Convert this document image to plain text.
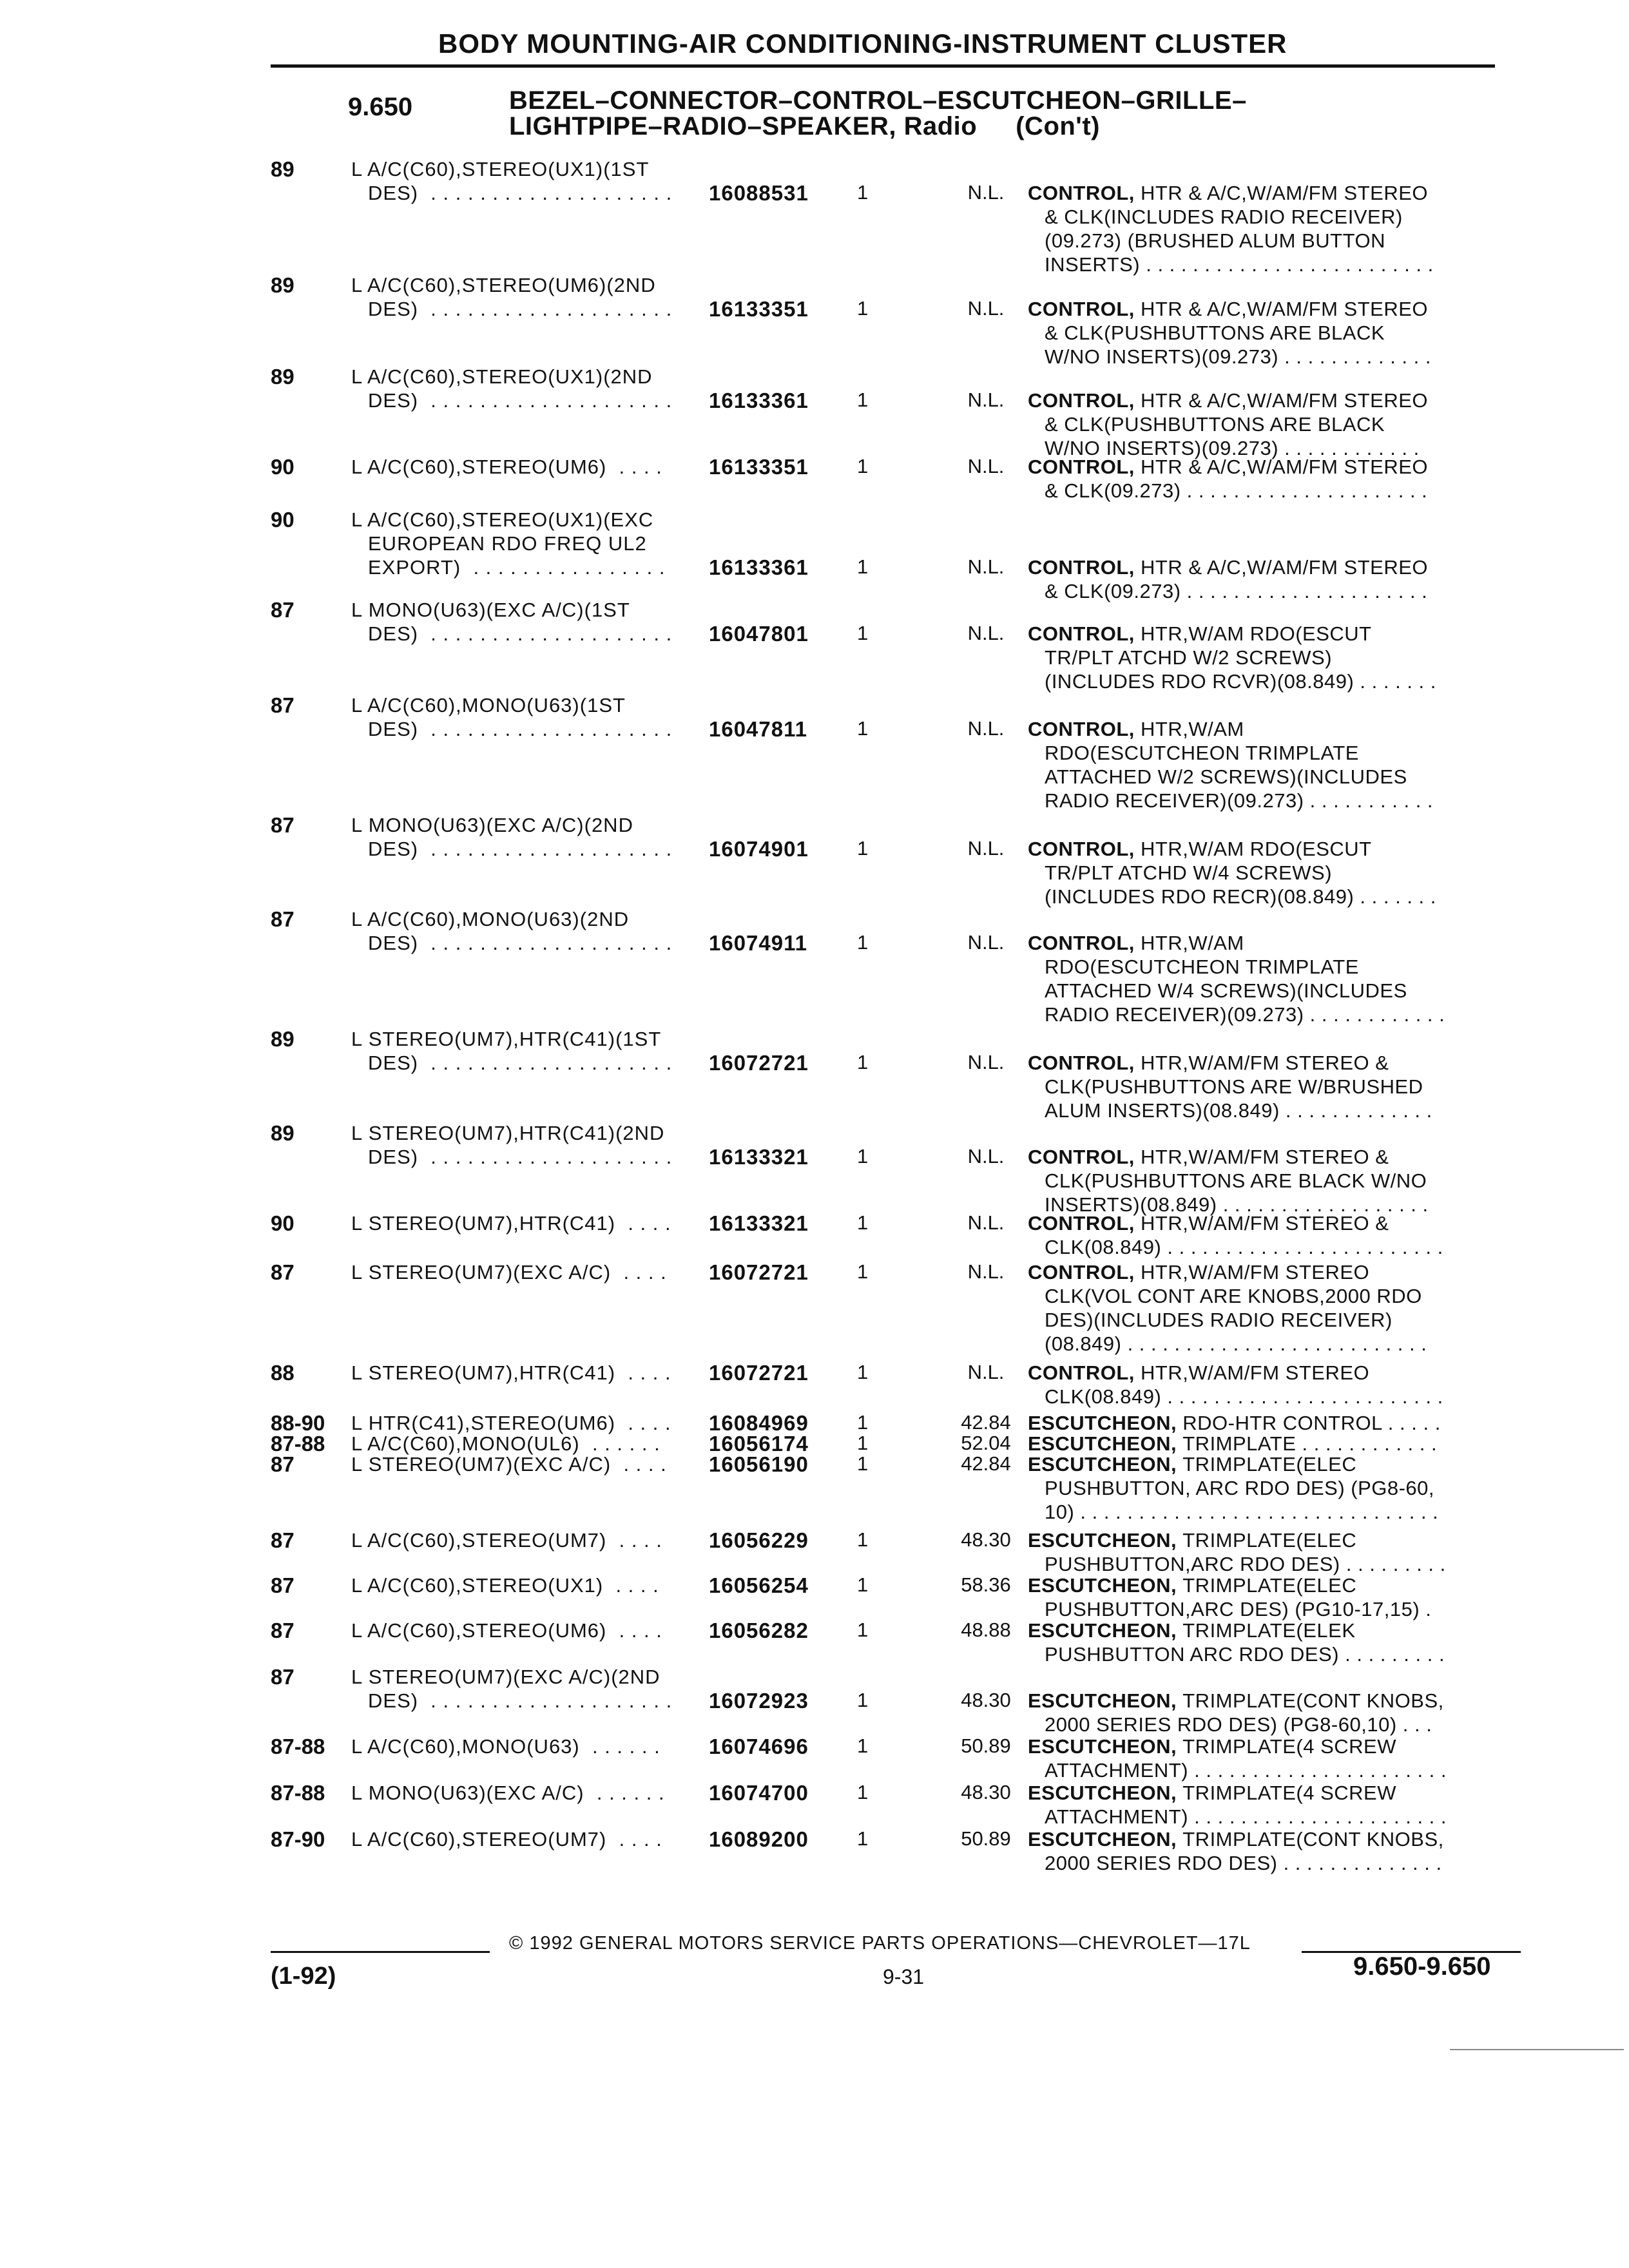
BODY MOUNTING-AIR CONDITIONING-INSTRUMENT CLUSTER
9.650	BEZEL–CONNECTOR–CONTROL–ESCUTCHEON–GRILLE–
LIGHTPIPE–RADIO–SPEAKER, Radio (Con't)
89	L A/C(C60),STEREO(UX1)(1ST
DES)  . . . . . . . . . . . . . . . . . . . .	16088531 1	N.L.	CONTROL, HTR & A/C,W/AM/FM STEREO
& CLK(INCLUDES RADIO RECEIVER)
(09.273) (BRUSHED ALUM BUTTON
INSERTS) . . . . . . . . . . . . . . . . . . . . . . . . .
89	L A/C(C60),STEREO(UM6)(2ND
DES)  . . . . . . . . . . . . . . . . . . . .	16133351 1	N.L.	CONTROL, HTR & A/C,W/AM/FM STEREO
& CLK(PUSHBUTTONS ARE BLACK
W/NO INSERTS)(09.273) . . . . . . . . . . . . .
89	L A/C(C60),STEREO(UX1)(2ND
DES)  . . . . . . . . . . . . . . . . . . . .	16133361 1	N.L.	CONTROL, HTR & A/C,W/AM/FM STEREO
& CLK(PUSHBUTTONS ARE BLACK
W/NO INSERTS)(09.273) . . . . . . . . . . . .
90	L A/C(C60),STEREO(UM6)  . . . .	16133351 1	N.L.	CONTROL, HTR & A/C,W/AM/FM STEREO
& CLK(09.273) . . . . . . . . . . . . . . . . . . . . .
90	L A/C(C60),STEREO(UX1)(EXC
EUROPEAN RDO FREQ UL2
EXPORT)  . . . . . . . . . . . . . . . .	16133361 1	N.L.	CONTROL, HTR & A/C,W/AM/FM STEREO
& CLK(09.273) . . . . . . . . . . . . . . . . . . . . .
87	L MONO(U63)(EXC A/C)(1ST
DES)  . . . . . . . . . . . . . . . . . . . .	16047801 1	N.L.	CONTROL, HTR,W/AM RDO(ESCUT
TR/PLT ATCHD W/2 SCREWS)
(INCLUDES RDO RCVR)(08.849) . . . . . . .
87	L A/C(C60),MONO(U63)(1ST
DES)  . . . . . . . . . . . . . . . . . . . .	16047811 1	N.L.	CONTROL, HTR,W/AM
RDO(ESCUTCHEON TRIMPLATE
ATTACHED W/2 SCREWS)(INCLUDES
RADIO RECEIVER)(09.273) . . . . . . . . . . .
87	L MONO(U63)(EXC A/C)(2ND
DES)  . . . . . . . . . . . . . . . . . . . .	16074901 1	N.L.	CONTROL, HTR,W/AM RDO(ESCUT
TR/PLT ATCHD W/4 SCREWS)
(INCLUDES RDO RECR)(08.849) . . . . . . .
87	L A/C(C60),MONO(U63)(2ND
DES)  . . . . . . . . . . . . . . . . . . . .	16074911 1	N.L.	CONTROL, HTR,W/AM
RDO(ESCUTCHEON TRIMPLATE
ATTACHED W/4 SCREWS)(INCLUDES
RADIO RECEIVER)(09.273) . . . . . . . . . . . .
89	L STEREO(UM7),HTR(C41)(1ST
DES)  . . . . . . . . . . . . . . . . . . . .	16072721 1	N.L.	CONTROL, HTR,W/AM/FM STEREO &
CLK(PUSHBUTTONS ARE W/BRUSHED
ALUM INSERTS)(08.849) . . . . . . . . . . . . .
89	L STEREO(UM7),HTR(C41)(2ND
DES)  . . . . . . . . . . . . . . . . . . . .	16133321 1	N.L.	CONTROL, HTR,W/AM/FM STEREO &
CLK(PUSHBUTTONS ARE BLACK W/NO
INSERTS)(08.849) . . . . . . . . . . . . . . . . . .
90	L STEREO(UM7),HTR(C41)  . . . .	16133321 1	N.L.	CONTROL, HTR,W/AM/FM STEREO &
CLK(08.849) . . . . . . . . . . . . . . . . . . . . . . . .
87	L STEREO(UM7)(EXC A/C)  . . . .	16072721 1	N.L.	CONTROL, HTR,W/AM/FM STEREO
CLK(VOL CONT ARE KNOBS,2000 RDO
DES)(INCLUDES RADIO RECEIVER)
(08.849) . . . . . . . . . . . . . . . . . . . . . . . . . .
88	L STEREO(UM7),HTR(C41)  . . . .	16072721 1	N.L.	CONTROL, HTR,W/AM/FM STEREO
CLK(08.849) . . . . . . . . . . . . . . . . . . . . . . . .
88-90	L HTR(C41),STEREO(UM6)  . . . .	16084969 1	42.84 ESCUTCHEON, RDO-HTR CONTROL . . . . .
87-88	L A/C(C60),MONO(UL6)  . . . . . .	16056174 1	52.04 ESCUTCHEON, TRIMPLATE . . . . . . . . . . . .
87	L STEREO(UM7)(EXC A/C)  . . . .	16056190 1	42.84 ESCUTCHEON, TRIMPLATE(ELEC
PUSHBUTTON, ARC RDO DES) (PG8-60,
10) . . . . . . . . . . . . . . . . . . . . . . . . . . . . . . .
87	L A/C(C60),STEREO(UM7)  . . . .	16056229 1	48.30 ESCUTCHEON, TRIMPLATE(ELEC
PUSHBUTTON,ARC RDO DES) . . . . . . . . .
87	L A/C(C60),STEREO(UX1)  . . . .	16056254 1	58.36 ESCUTCHEON, TRIMPLATE(ELEC
PUSHBUTTON,ARC DES) (PG10-17,15) .
87	L A/C(C60),STEREO(UM6)  . . . .	16056282 1	48.88 ESCUTCHEON, TRIMPLATE(ELEK
PUSHBUTTON ARC RDO DES) . . . . . . . . .
87	L STEREO(UM7)(EXC A/C)(2ND
DES)  . . . . . . . . . . . . . . . . . . . .	16072923 1	48.30 ESCUTCHEON, TRIMPLATE(CONT KNOBS,
2000 SERIES RDO DES) (PG8-60,10) . . .
87-88	L A/C(C60),MONO(U63)  . . . . . .	16074696 1	50.89 ESCUTCHEON, TRIMPLATE(4 SCREW
ATTACHMENT) . . . . . . . . . . . . . . . . . . . . . .
87-88	L MONO(U63)(EXC A/C)  . . . . . .	16074700 1	48.30 ESCUTCHEON, TRIMPLATE(4 SCREW
ATTACHMENT) . . . . . . . . . . . . . . . . . . . . . .
87-90	L A/C(C60),STEREO(UM7)  . . . .	16089200 1	50.89 ESCUTCHEON, TRIMPLATE(CONT KNOBS,
2000 SERIES RDO DES) . . . . . . . . . . . . . .
© 1992 GENERAL MOTORS SERVICE PARTS OPERATIONS—CHEVROLET—17L
(1-92)	9-31	9.650-9.650
